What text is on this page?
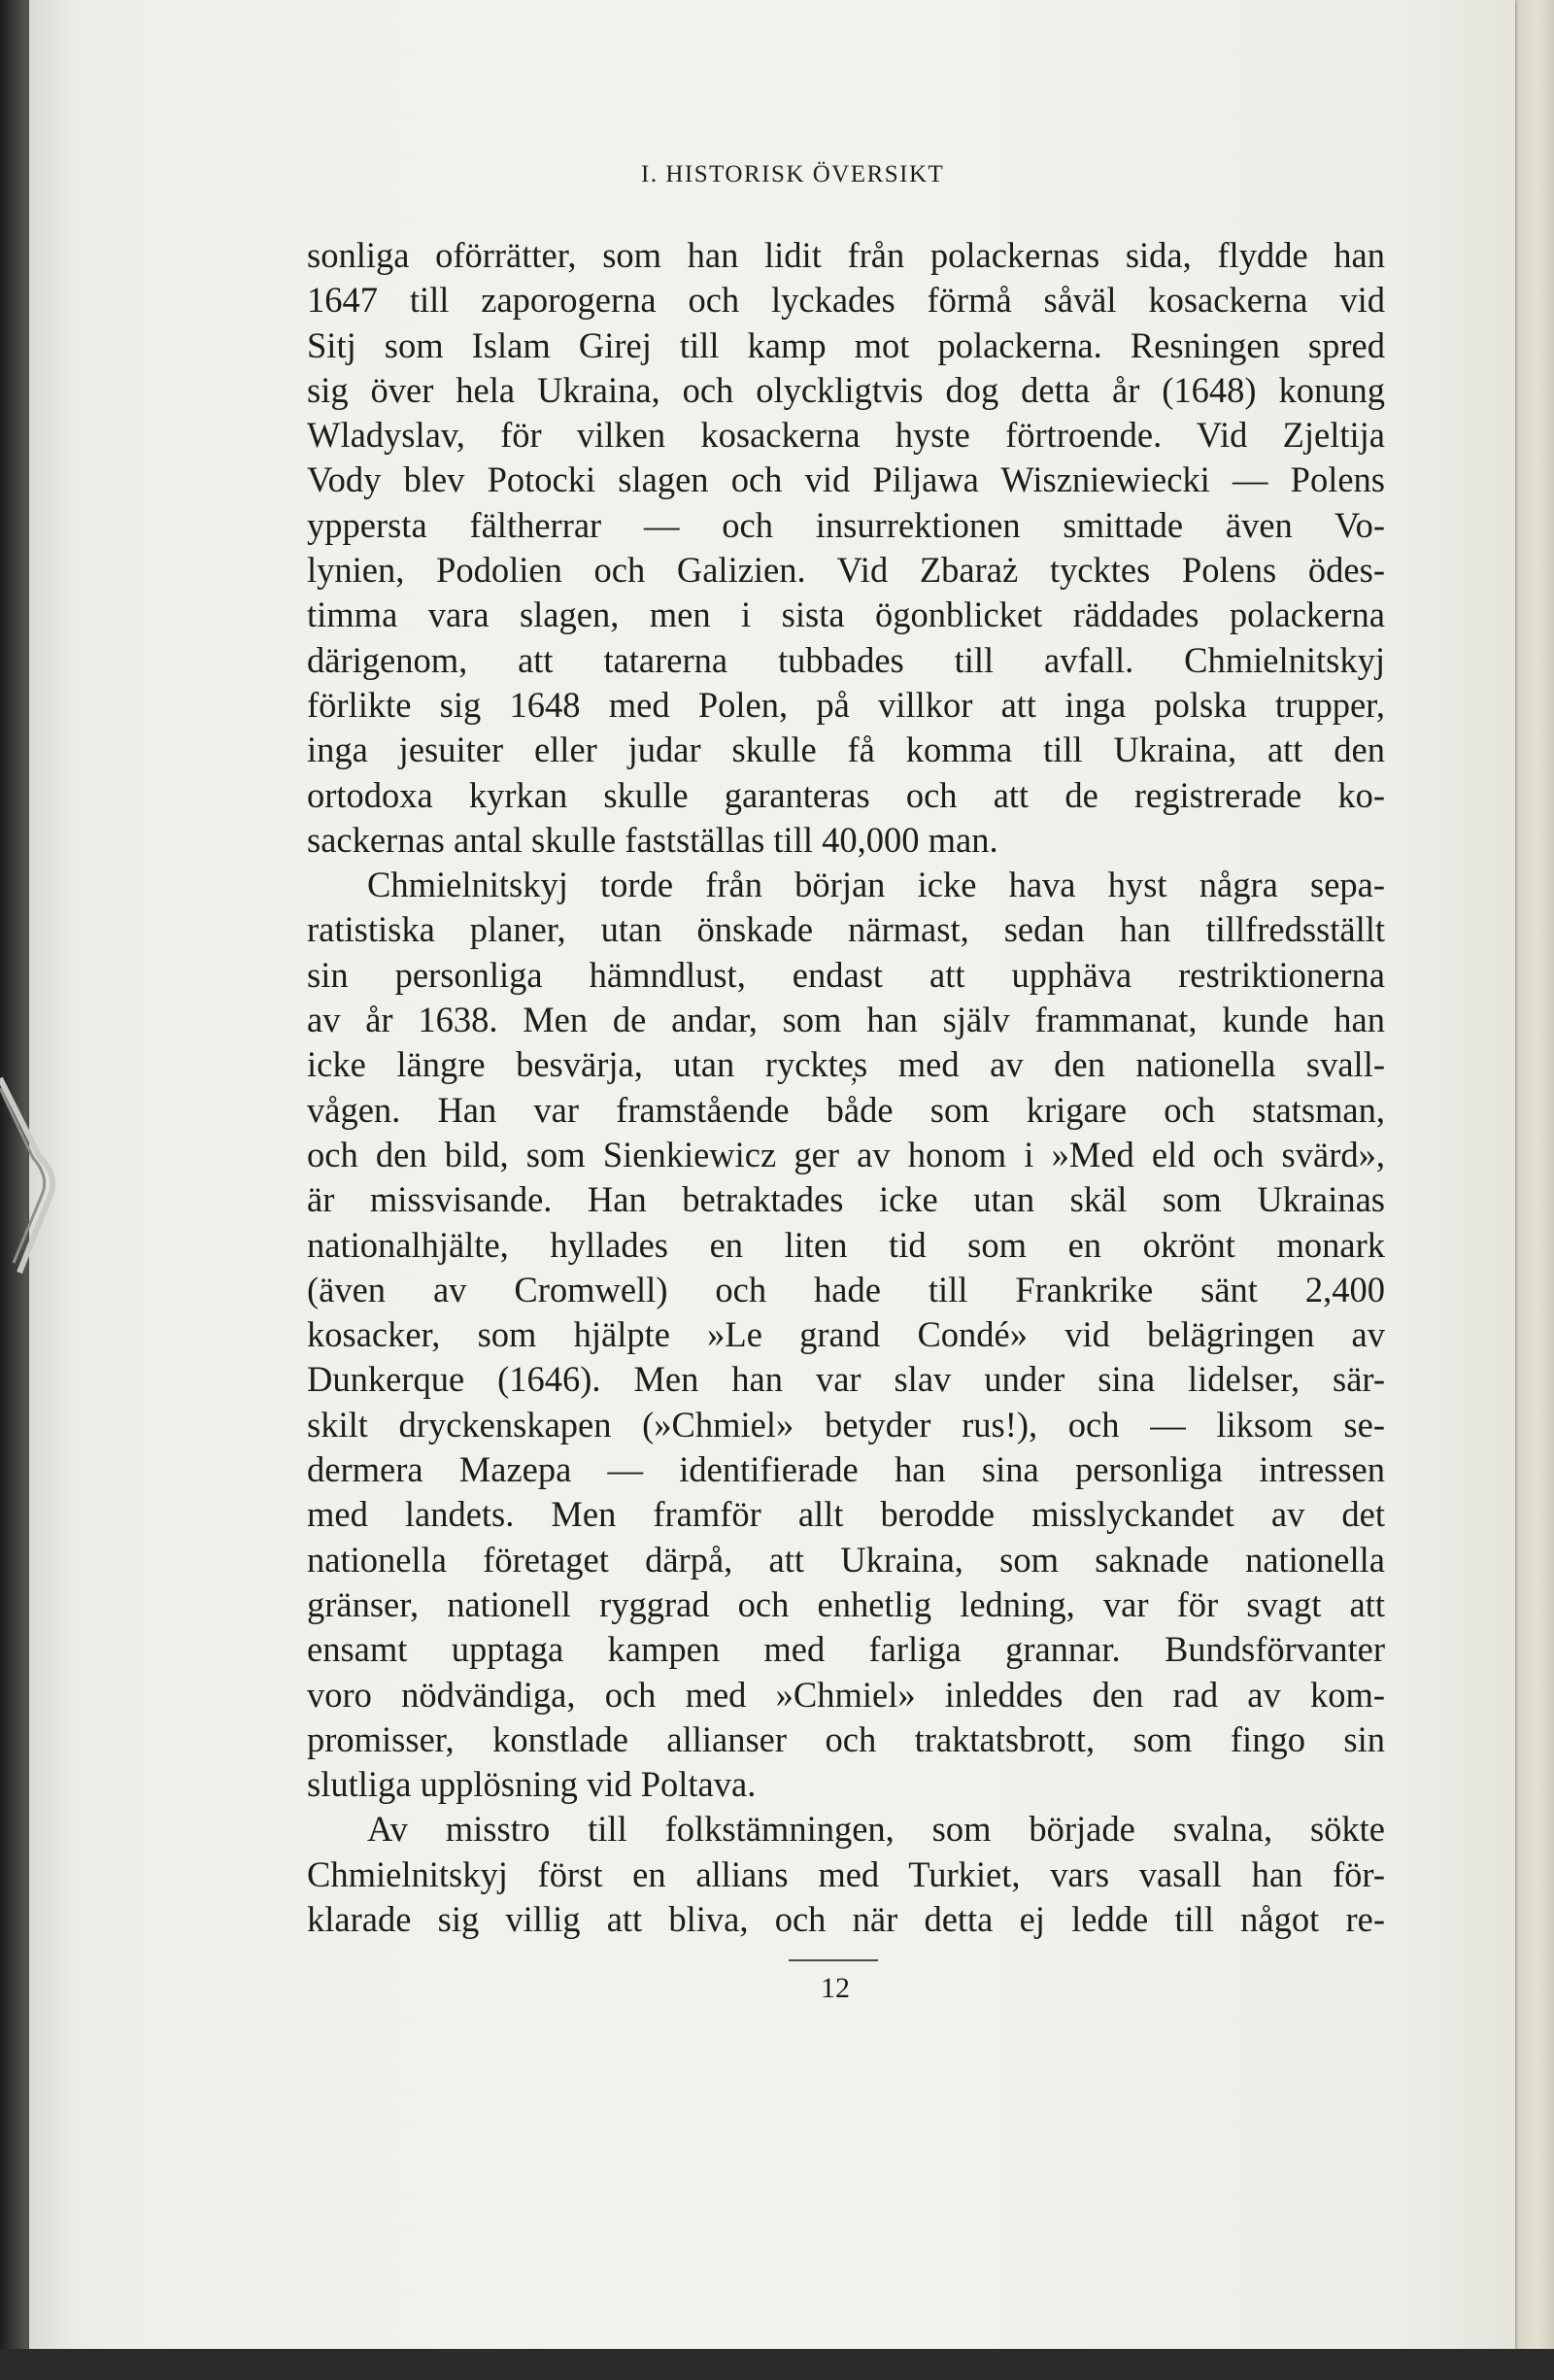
I. HISTORISK ÖVERSIKT
sonliga oförrätter, som han lidit från polackernas sida, flydde han
1647 till zaporogerna och lyckades förmå såväl kosackerna vid
Sitj som Islam Girej till kamp mot polackerna. Resningen spred
sig över hela Ukraina, och olyckligtvis dog detta år (1648) konung
Wladyslav, för vilken kosackerna hyste förtroende. Vid Zjeltija
Vody blev Potocki slagen och vid Piljawa Wiszniewiecki — Polens
yppersta fältherrar — och insurrektionen smittade även Vo-
lynien, Podolien och Galizien. Vid Zbaraż tycktes Polens ödes-
timma vara slagen, men i sista ögonblicket räddades polackerna
därigenom, att tatarerna tubbades till avfall. Chmielnitskyj
förlikte sig 1648 med Polen, på villkor att inga polska trupper,
inga jesuiter eller judar skulle få komma till Ukraina, att den
ortodoxa kyrkan skulle garanteras och att de registrerade ko-
sackernas antal skulle fastställas till 40,000 man.
Chmielnitskyj torde från början icke hava hyst några sepa-
ratistiska planer, utan önskade närmast, sedan han tillfredsställt
sin personliga hämndlust, endast att upphäva restriktionerna
av år 1638. Men de andar, som han själv frammanat, kunde han
icke längre besvärja, utan ryckte̦s med av den nationella svall-
vågen. Han var framstående både som krigare och statsman,
och den bild, som Sienkiewicz ger av honom i »Med eld och svärd»,
är missvisande. Han betraktades icke utan skäl som Ukrainas
nationalhjälte, hyllades en liten tid som en okrönt monark
(även av Cromwell) och hade till Frankrike sänt 2,400
kosacker, som hjälpte »Le grand Condé» vid belägringen av
Dunkerque (1646). Men han var slav under sina lidelser, sär-
skilt dryckenskapen (»Chmiel» betyder rus!), och — liksom se-
dermera Mazepa — identifierade han sina personliga intressen
med landets. Men framför allt berodde misslyckandet av det
nationella företaget därpå, att Ukraina, som saknade nationella
gränser, nationell ryggrad och enhetlig ledning, var för svagt att
ensamt upptaga kampen med farliga grannar. Bundsförvanter
voro nödvändiga, och med »Chmiel» inleddes den rad av kom-
promisser, konstlade allianser och traktatsbrott, som fingo sin
slutliga upplösning vid Poltava.
Av misstro till folkstämningen, som började svalna, sökte
Chmielnitskyj först en allians med Turkiet, vars vasall han för-
klarade sig villig att bliva, och när detta ej ledde till något re-
12
